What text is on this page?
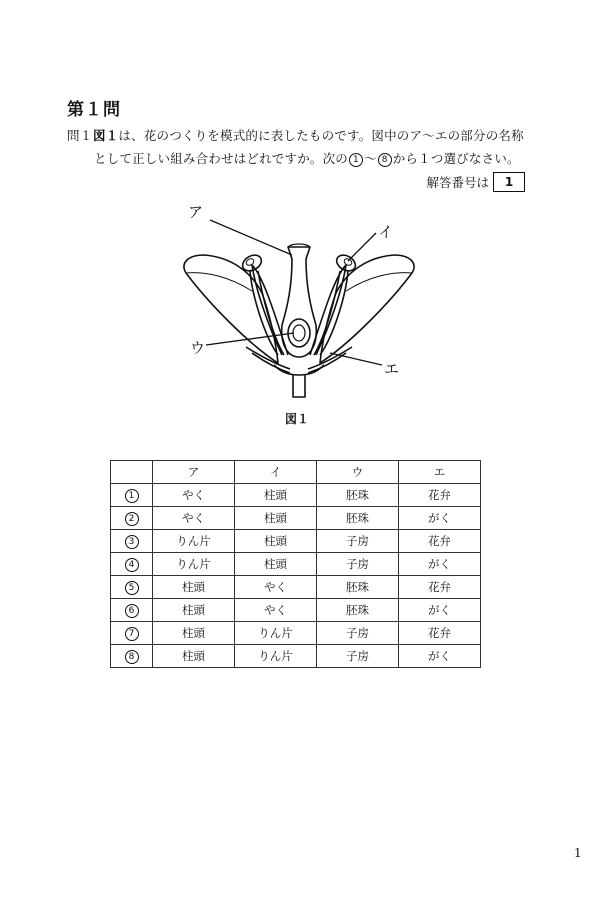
第１問
問１図１は、花のつくりを模式的に表したものです。図中のア～エの部分の名称
として正しい組み合わせはどれですか。次の 1 ～ 8 から１つ選びなさい。
解答番号は	1
ア
イ
ウ
エ
図１
	ア	イ	ウ	エ
1	やく	柱頭	胚珠	花弁
2	やく	柱頭	胚珠	がく
3	りん片	柱頭	子房	花弁
4	りん片	柱頭	子房	がく
5	柱頭	やく	胚珠	花弁
6	柱頭	やく	胚珠	がく
7	柱頭	りん片	子房	花弁
8	柱頭	りん片	子房	がく
1
